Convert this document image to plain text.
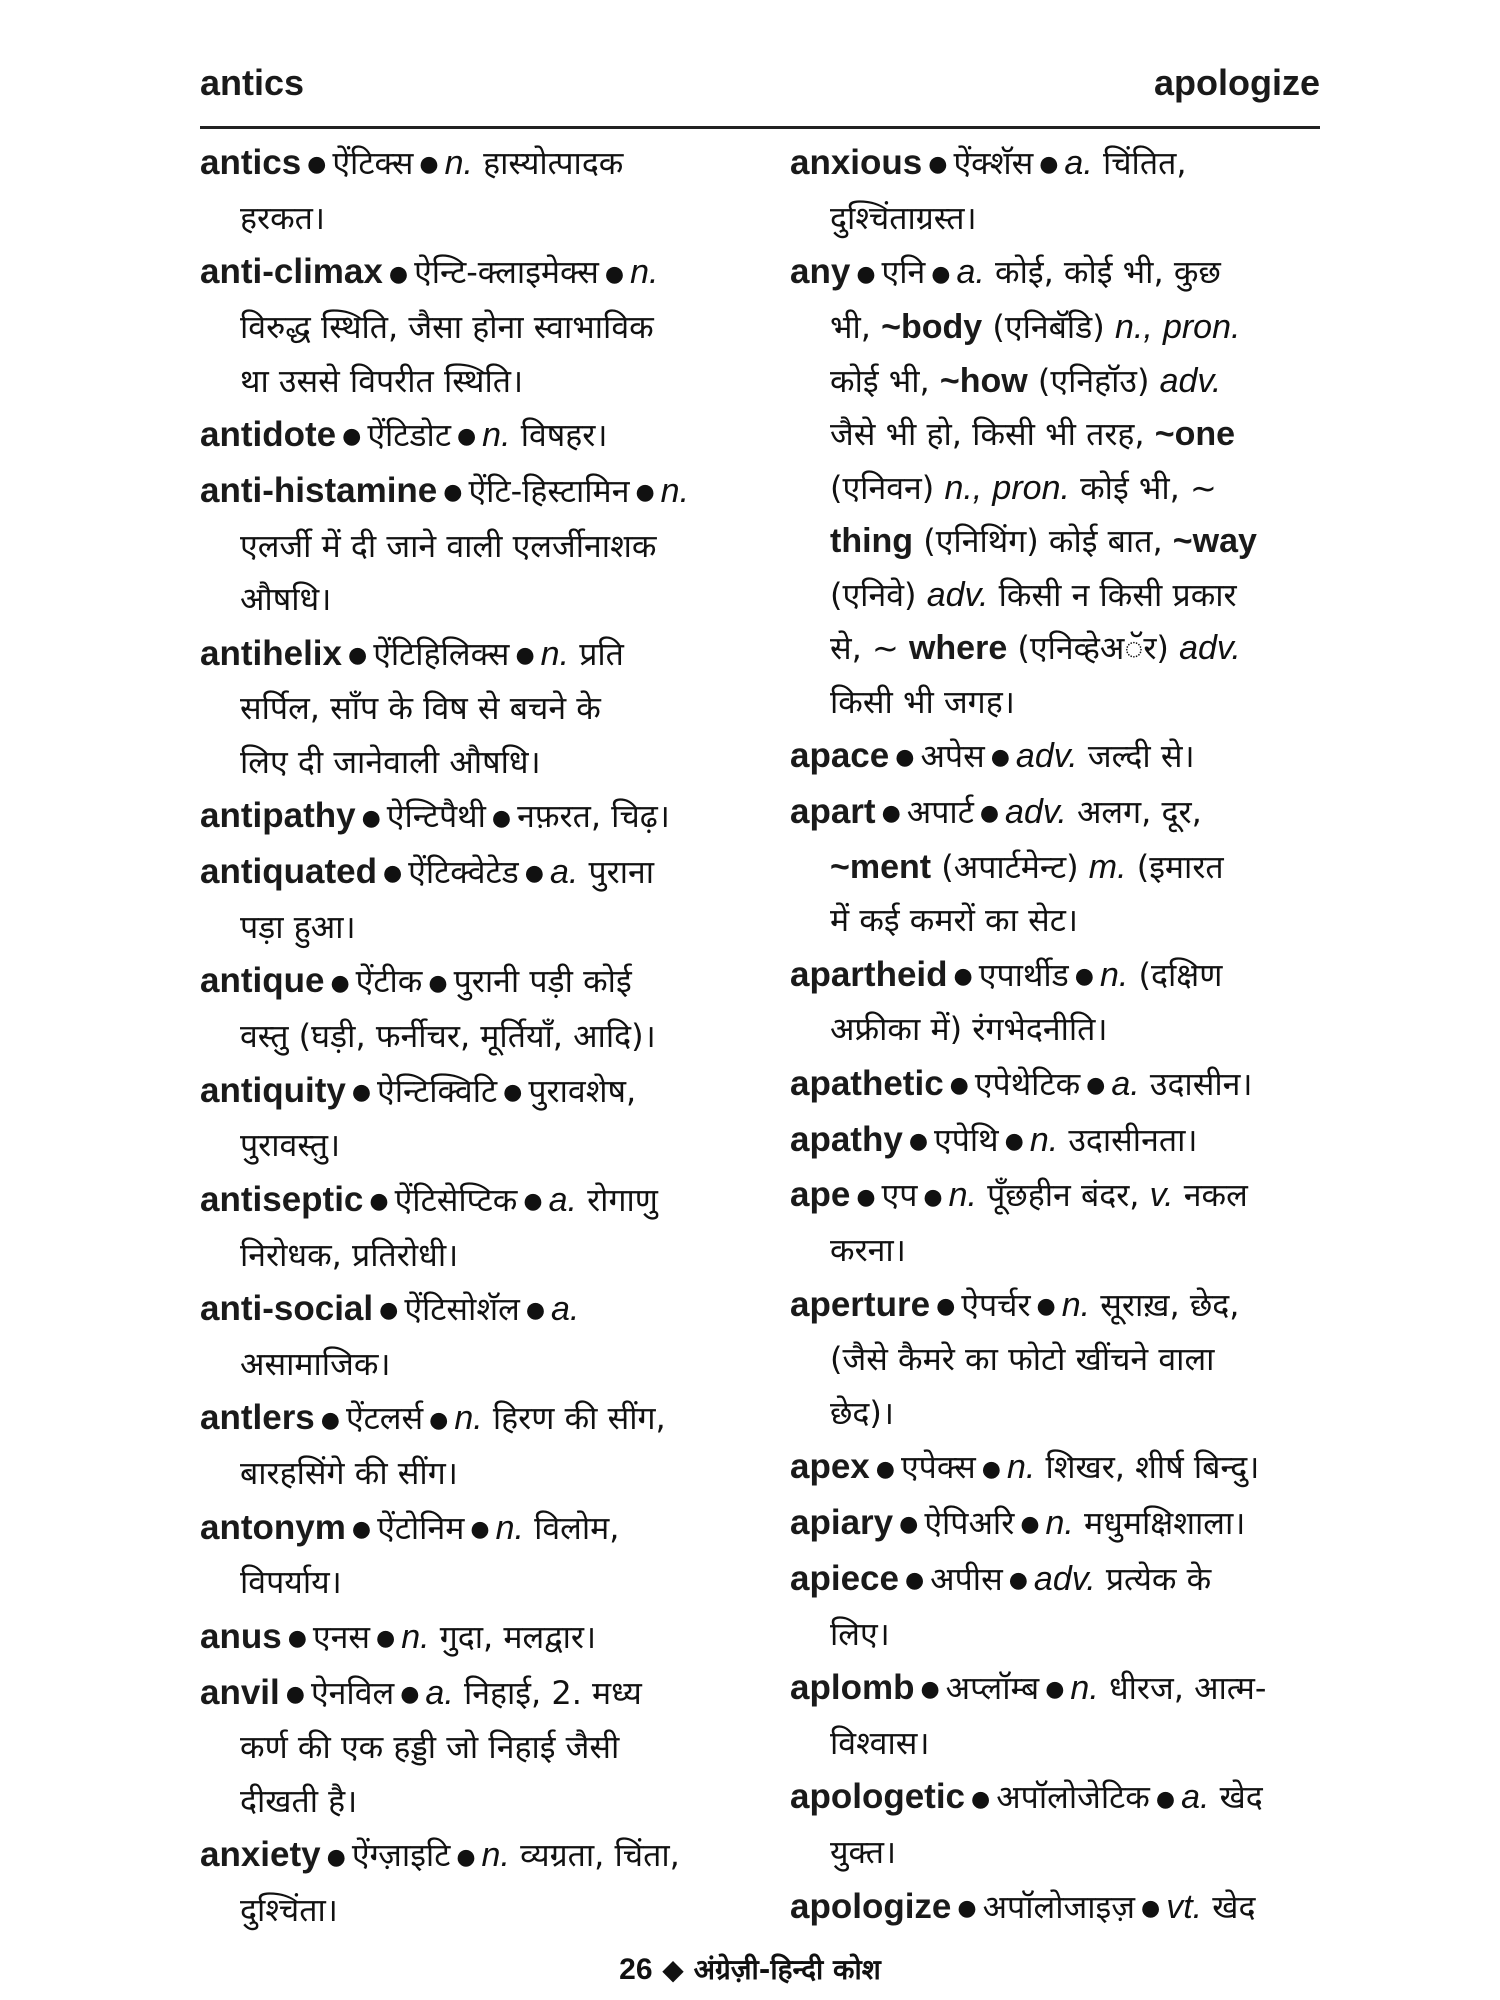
antics	apologize
antics ● ऐंटिक्स ● n. हास्योत्पादक
हरकत।
anti-climax ● ऐन्टि-क्लाइमेक्स ● n.
विरुद्ध स्थिति, जैसा होना स्वाभाविक
था उससे विपरीत स्थिति।
antidote ● ऐंटिडोट ● n. विषहर।
anti-histamine ● ऐंटि-हिस्टामिन ● n.
एलर्जी में दी जाने वाली एलर्जीनाशक
औषधि।
antihelix ● ऐंटिहिलिक्स ● n. प्रति
सर्पिल, साँप के विष से बचने के
लिए दी जानेवाली औषधि।
antipathy ● ऐन्टिपैथी ● नफ़रत, चिढ़।
antiquated ● ऐंटिक्वेटेड ● a. पुराना
पड़ा हुआ।
antique ● ऐंटीक ● पुरानी पड़ी कोई
वस्तु (घड़ी, फर्नीचर, मूर्तियाँ, आदि)।
antiquity ● ऐन्टिक्विटि ● पुरावशेष,
पुरावस्तु।
antiseptic ● ऐंटिसेप्टिक ● a. रोगाणु
निरोधक, प्रतिरोधी।
anti-social ● ऐंटिसोशॅल ● a.
असामाजिक।
antlers ● ऐंटलर्स ● n. हिरण की सींग,
बारहसिंगे की सींग।
antonym ● ऐंटोनिम ● n. विलोम,
विपर्याय।
anus ● एनस ● n. गुदा, मलद्वार।
anvil ● ऐनविल ● a. निहाई, 2. मध्य
कर्ण की एक हड्डी जो निहाई जैसी
दीखती है।
anxiety ● ऐंग्ज़ाइटि ● n. व्यग्रता, चिंता,
दुश्चिंता।
anxious ● ऐंक्शॅस ● a. चिंतित,
दुश्चिंताग्रस्त।
any ● एनि ● a. कोई, कोई भी, कुछ
भी, ~body (एनिबॅडि) n., pron.
कोई भी, ~how (एनिहॉउ) adv.
जैसे भी हो, किसी भी तरह, ~one
(एनिवन) n., pron. कोई भी, ~
thing (एनिथिंग) कोई बात, ~way
(एनिवे) adv. किसी न किसी प्रकार
से, ~ where (एनिव्हेअॅर) adv.
किसी भी जगह।
apace ● अपेस ● adv. जल्दी से।
apart ● अपार्ट ● adv. अलग, दूर,
~ment (अपार्टमेन्ट) m. (इमारत
में कई कमरों का सेट।
apartheid ● एपार्थीड ● n. (दक्षिण
अफ्रीका में) रंगभेदनीति।
apathetic ● एपेथेटिक ● a. उदासीन।
apathy ● एपेथि ● n. उदासीनता।
ape ● एप ● n. पूँछहीन बंदर, v. नकल
करना।
aperture ● ऐपर्चर ● n. सूराख़, छेद,
(जैसे कैमरे का फोटो खींचने वाला
छेद)।
apex ● एपेक्स ● n. शिखर, शीर्ष बिन्दु।
apiary ● ऐपिअरि ● n. मधुमक्षिशाला।
apiece ● अपीस ● adv. प्रत्येक के
लिए।
aplomb ● अप्लॉम्ब ● n. धीरज, आत्म-
विश्वास।
apologetic ● अपॉलोजेटिक ● a. खेद
युक्त।
apologize ● अपॉलोजाइज़ ● vt. खेद
26 ◆ अंग्रेज़ी-हिन्दी कोश
